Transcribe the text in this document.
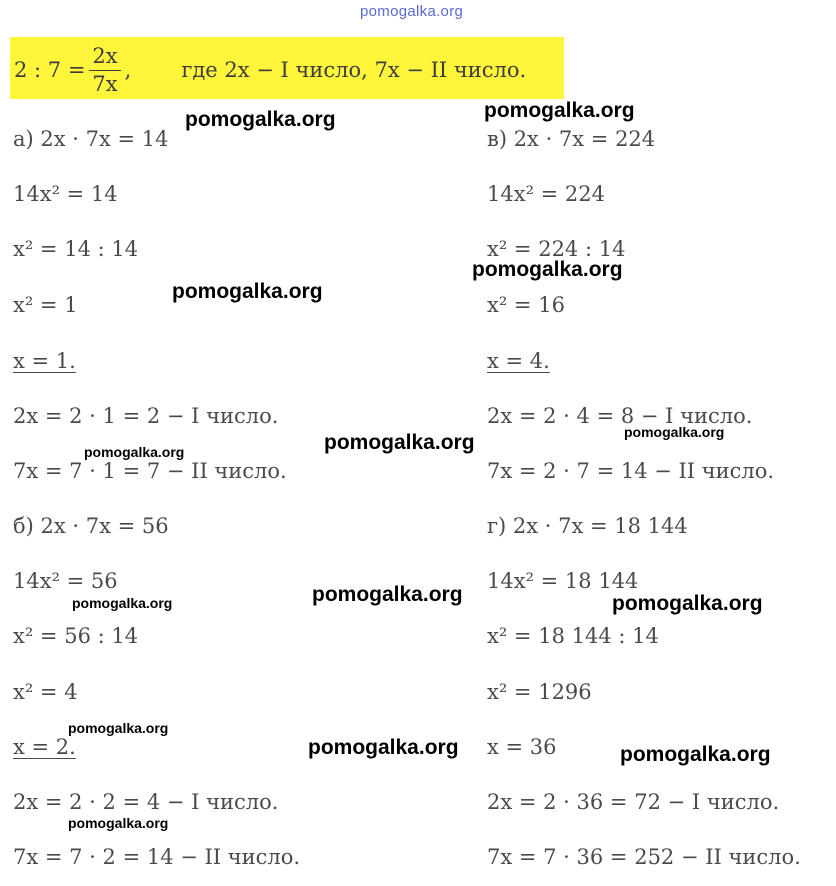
pomogalka.org
2 : $7 = \frac{2x}{7x}$ , где 2x − I число, 7x − II число.
а) 2x · 7x = 14
14x² = 14
x² = 14 : 14
x² = 1
x = 1.
2x = 2 · 1 = 2 − I число.
7x = 7 · 1 = 7 − II число.
б) 2x · 7x = 56
14x² = 56
x² = 56 : 14
x² = 4
x = 2.
2x = 2 · 2 = 4 − I число.
7x = 7 · 2 = 14 − II число.
в) 2x · 7x = 224
14x² = 224
x² = 224 : 14
x² = 16
x = 4.
2x = 2 · 4 = 8 − I число.
7x = 2 · 7 = 14 − II число.
г) 2x · 7x = 18 144
14x² = 18 144
x² = 18 144 : 14
x² = 1296
x = 36
2x = 2 · 36 = 72 − I число.
7x = 7 · 36 = 252 − II число.
pomogalka.org	pomogalka.org
pomogalka.org
pomogalka.org
pomogalka.org
pomogalka.org
pomogalka.org
pomogalka.org	pomogalka.org
pomogalka.org
pomogalka.org
pomogalka.org	pomogalka.org
pomogalka.org
